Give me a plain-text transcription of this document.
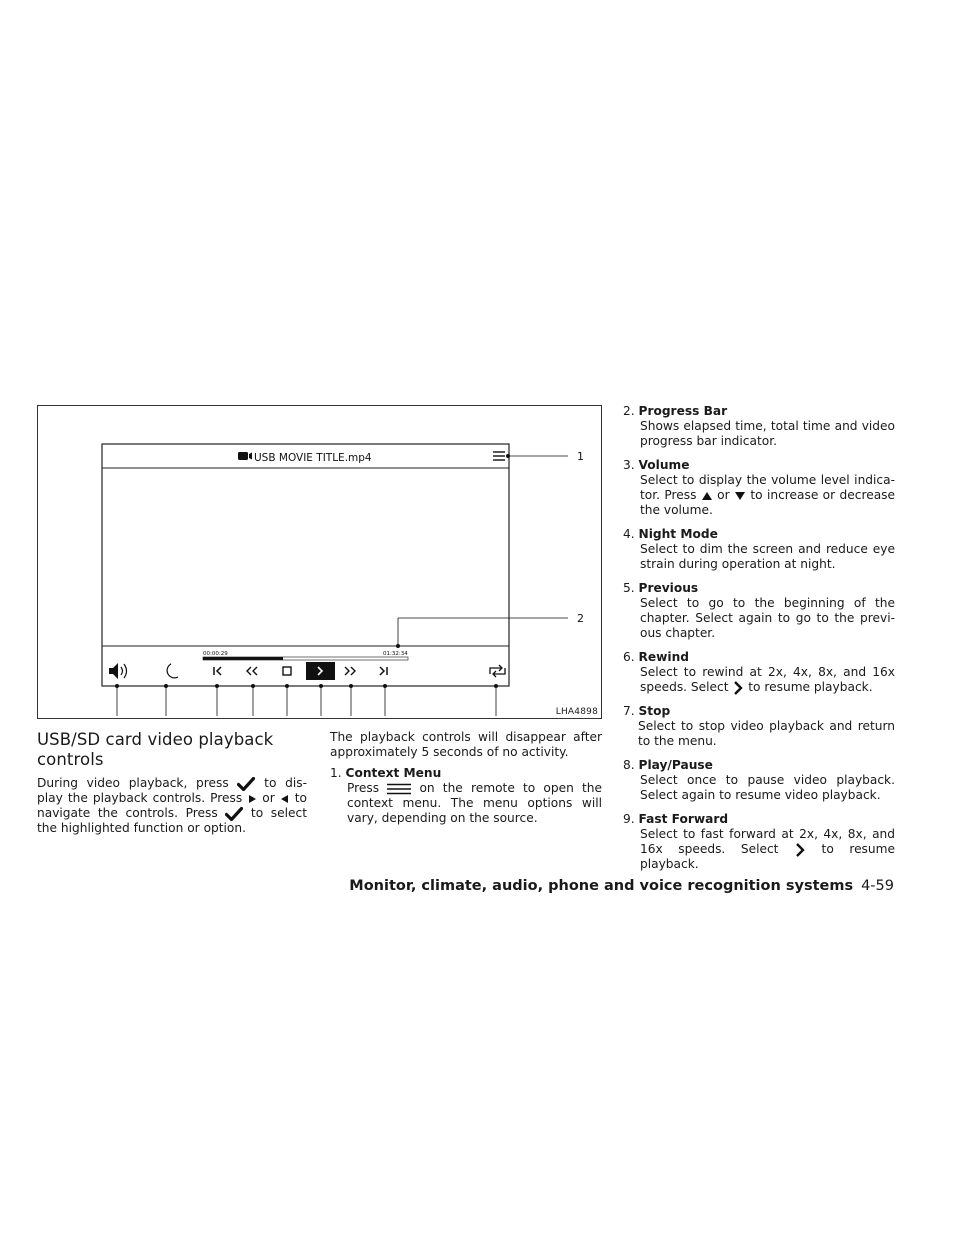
USB MOVIE TITLE.mp4
00:00:29	01:32:34
1
2
LHA4898
USB/SD card video playback
controls

During video playback, press  to dis- play the playback controls. Press  or  to navigate the controls. Press  to select the highlighted function or option.

The playback controls will disappear after approximately 5 seconds of no activity.

1. Context Menu
Press  on the remote to open the context menu. The menu options will vary, depending on the source.
2. Progress Bar
Shows elapsed time, total time and video progress bar indicator.
3. Volume
Select to display the volume level indica- tor. Press  or  to increase or decrease the volume.
4. Night Mode
Select to dim the screen and reduce eye strain during operation at night.
5. Previous
Select to go to the beginning of the chapter. Select again to go to the previ- ous chapter.
6. Rewind
Select to rewind at 2x, 4x, 8x, and 16x speeds. Select  to resume playback.
7. Stop
Select to stop video playback and return to the menu.
8. Play/Pause
Select once to pause video playback. Select again to resume video playback.
9. Fast Forward
Select to fast forward at 2x, 4x, 8x, and 16x speeds. Select  to resume playback.
Monitor, climate, audio, phone and voice recognition systems 4-59
